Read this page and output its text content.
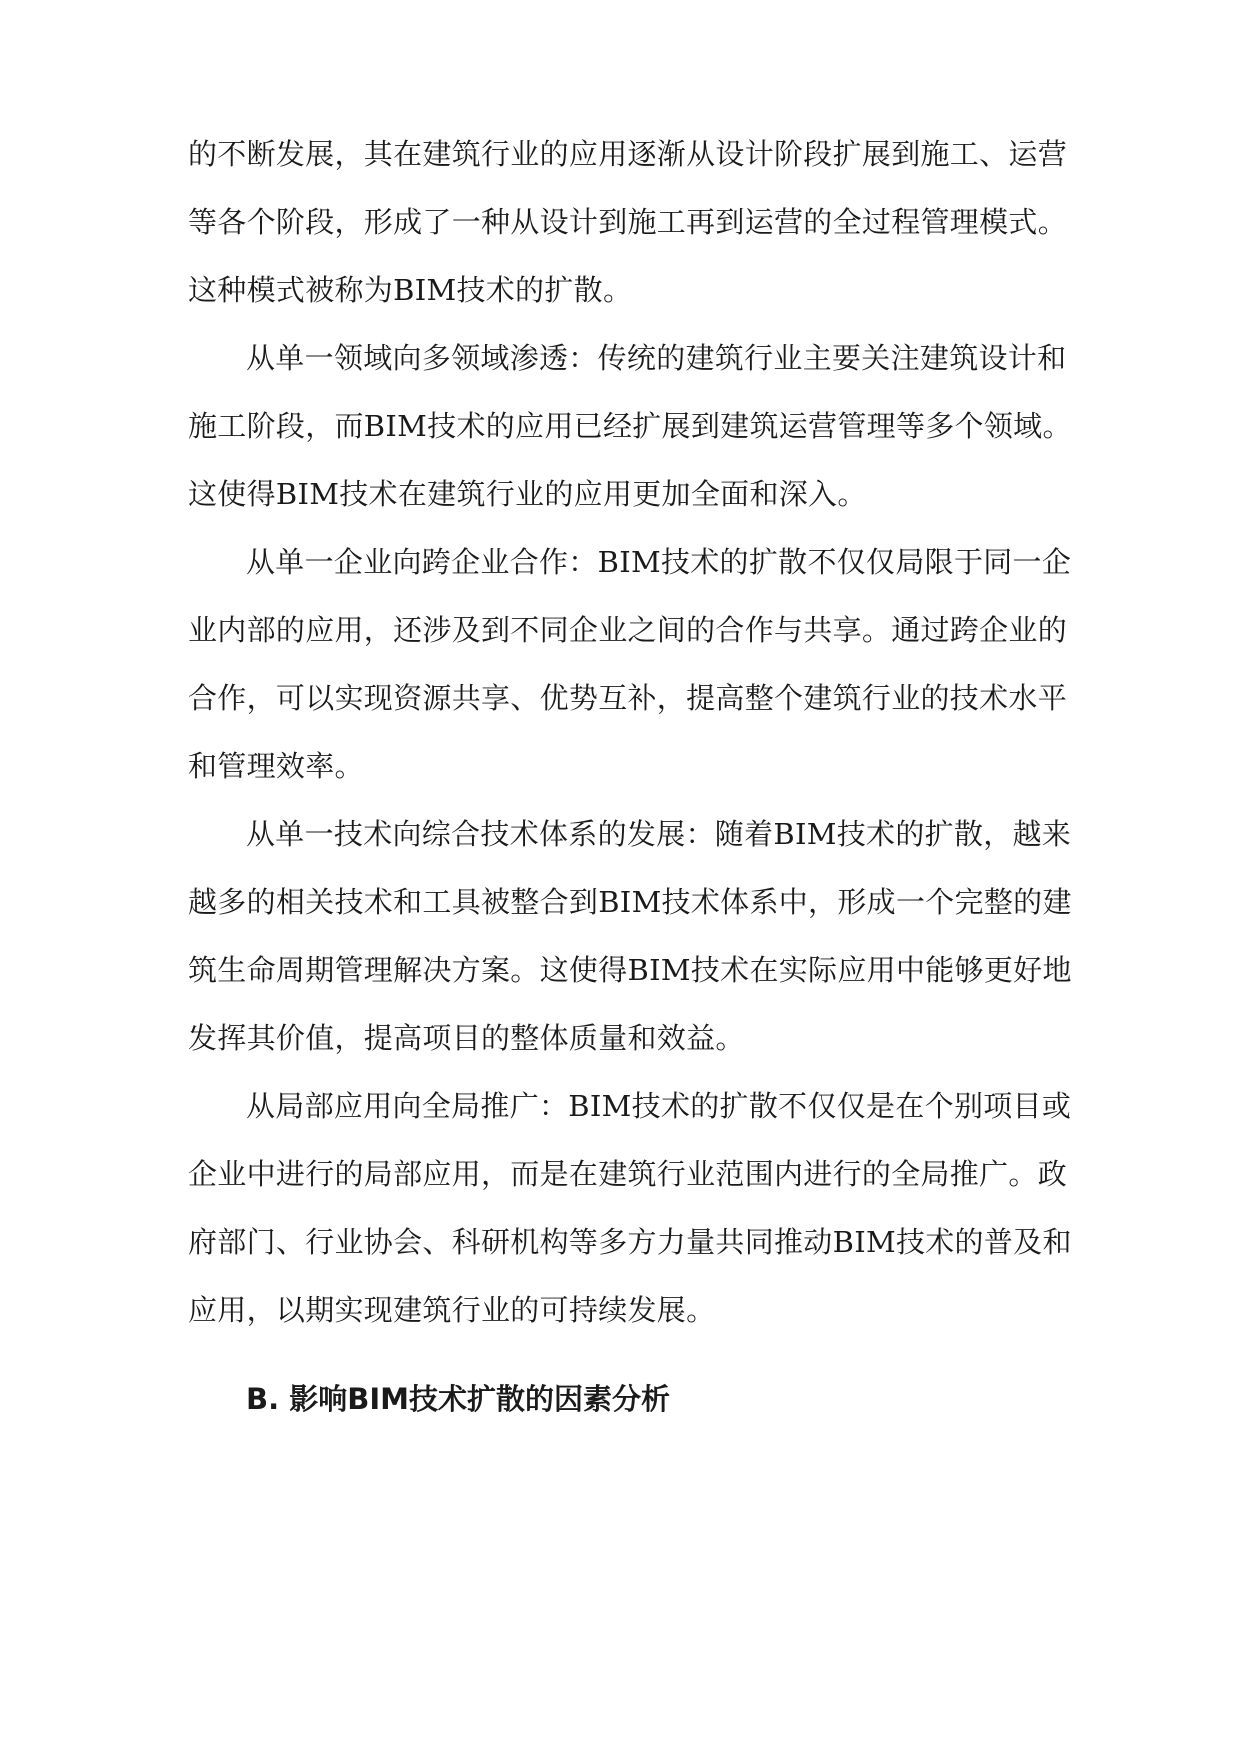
的不断发展，其在建筑行业的应用逐渐从设计阶段扩展到施工、运营
等各个阶段，形成了一种从设计到施工再到运营的全过程管理模式。
这种模式被称为BIM技术的扩散。
从单一领域向多领域渗透：传统的建筑行业主要关注建筑设计和
施工阶段，而BIM技术的应用已经扩展到建筑运营管理等多个领域。
这使得BIM技术在建筑行业的应用更加全面和深入。
从单一企业向跨企业合作：BIM技术的扩散不仅仅局限于同一企
业内部的应用，还涉及到不同企业之间的合作与共享。通过跨企业的
合作，可以实现资源共享、优势互补，提高整个建筑行业的技术水平
和管理效率。
从单一技术向综合技术体系的发展：随着BIM技术的扩散，越来
越多的相关技术和工具被整合到BIM技术体系中，形成一个完整的建
筑生命周期管理解决方案。这使得BIM技术在实际应用中能够更好地
发挥其价值，提高项目的整体质量和效益。
从局部应用向全局推广：BIM技术的扩散不仅仅是在个别项目或
企业中进行的局部应用，而是在建筑行业范围内进行的全局推广。政
府部门、行业协会、科研机构等多方力量共同推动BIM技术的普及和
应用，以期实现建筑行业的可持续发展。
B. 影响BIM技术扩散的因素分析
